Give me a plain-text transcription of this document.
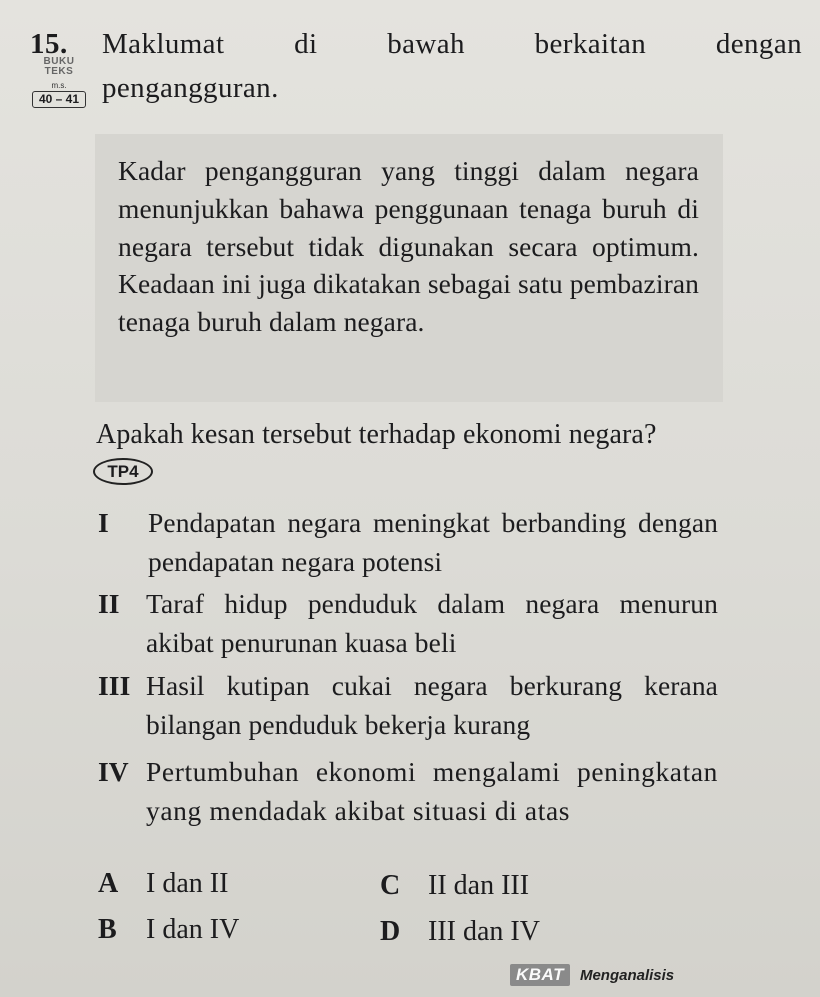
15. Maklumat di bawah berkaitan dengan
pengangguran.
BUKU TEKS
m.s.
40 – 41
Kadar pengangguran yang tinggi dalam negara menunjukkan bahawa penggunaan tenaga buruh di negara tersebut tidak digunakan secara optimum. Keadaan ini juga dikatakan sebagai satu pembaziran tenaga buruh dalam negara.
Apakah kesan tersebut terhadap ekonomi negara?
TP4
I Pendapatan negara meningkat berbanding dengan pendapatan negara potensi
II Taraf hidup penduduk dalam negara menurun akibat penurunan kuasa beli
III Hasil kutipan cukai negara berkurang kerana bilangan penduduk bekerja kurang
IV Pertumbuhan ekonomi mengalami peningkatan yang mendadak akibat situasi di atas
A I dan II
B I dan IV
C II dan III
D III dan IV
KBAT	Menganalisis
